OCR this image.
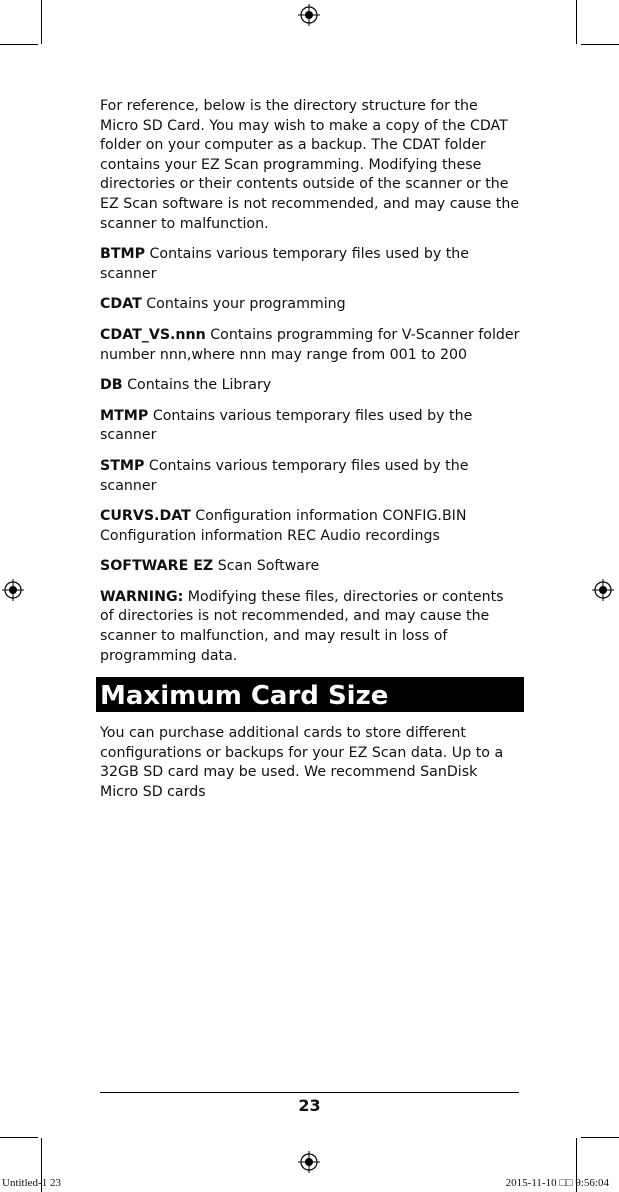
For reference, below is the directory structure for the Micro SD Card. You may wish to make a copy of the CDAT folder on your computer as a backup. The CDAT folder contains your EZ Scan programming. Modifying these directories or their contents outside of the scanner or the EZ Scan software is not recommended, and may cause the scanner to malfunction.

BTMP Contains various temporary files used by the scanner

CDAT Contains your programming

CDAT_VS.nnn Contains programming for V-Scanner folder number nnn,where nnn may range from 001 to 200

DB Contains the Library

MTMP Contains various temporary files used by the scanner

STMP Contains various temporary files used by the scanner

CURVS.DAT Configuration information CONFIG.BIN Configuration information REC Audio recordings

SOFTWARE EZ Scan Software

WARNING: Modifying these files, directories or contents of directories is not recommended, and may cause the scanner to malfunction, and may result in loss of programming data.

Maximum Card Size

You can purchase additional cards to store different configurations or backups for your EZ Scan data. Up to a 32GB SD card may be used. We recommend SanDisk Micro SD cards

23
Untitled-1 23	2015-11-10 □□ 9:56:04
